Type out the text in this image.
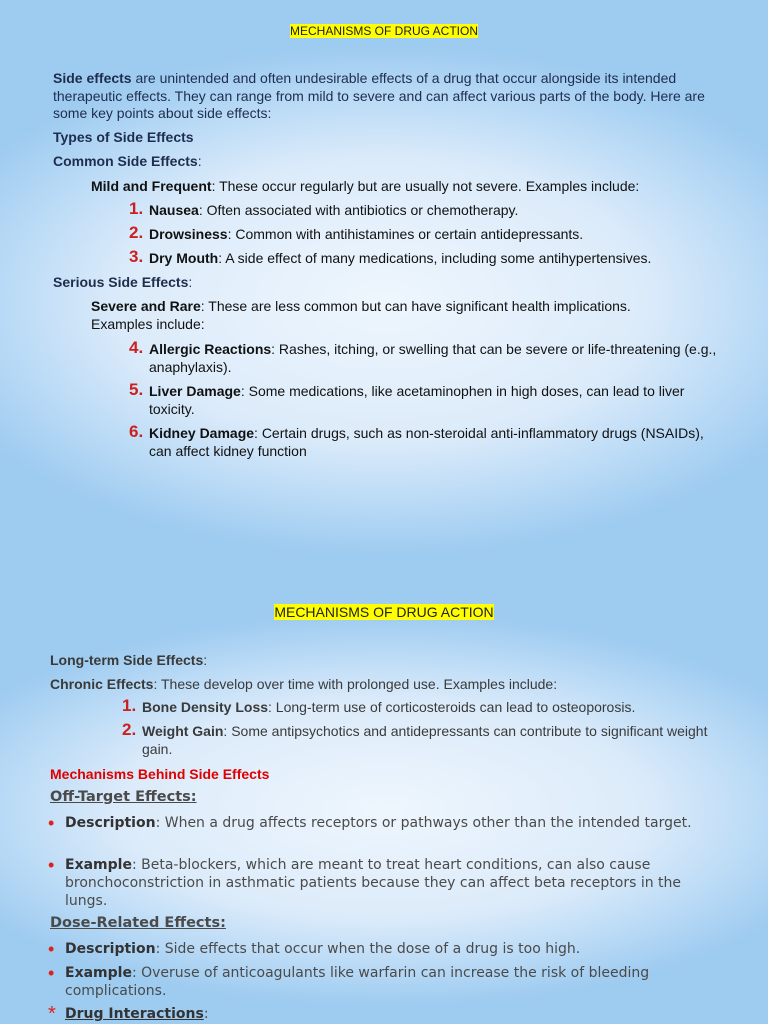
MECHANISMS OF DRUG ACTION
Side effects are unintended and often undesirable effects of a drug that occur alongside its intended therapeutic effects. They can range from mild to severe and can affect various parts of the body. Here are some key points about side effects:
Types of Side Effects
Common Side Effects:
Mild and Frequent: These occur regularly but are usually not severe. Examples include:
1. Nausea: Often associated with antibiotics or chemotherapy.
2. Drowsiness: Common with antihistamines or certain antidepressants.
3. Dry Mouth: A side effect of many medications, including some antihypertensives.
Serious Side Effects:
Severe and Rare: These are less common but can have significant health implications. Examples include:
4. Allergic Reactions: Rashes, itching, or swelling that can be severe or life-threatening (e.g., anaphylaxis).
5. Liver Damage: Some medications, like acetaminophen in high doses, can lead to liver toxicity.
6. Kidney Damage: Certain drugs, such as non-steroidal anti-inflammatory drugs (NSAIDs), can affect kidney function
MECHANISMS OF DRUG ACTION
Long-term Side Effects:
Chronic Effects: These develop over time with prolonged use. Examples include:
1. Bone Density Loss: Long-term use of corticosteroids can lead to osteoporosis.
2. Weight Gain: Some antipsychotics and antidepressants can contribute to significant weight gain.
Mechanisms Behind Side Effects
Off-Target Effects:
• Description: When a drug affects receptors or pathways other than the intended target.
• Example: Beta-blockers, which are meant to treat heart conditions, can also cause bronchoconstriction in asthmatic patients because they can affect beta receptors in the lungs.
Dose-Related Effects:
• Description: Side effects that occur when the dose of a drug is too high.
• Example: Overuse of anticoagulants like warfarin can increase the risk of bleeding complications.
* Drug Interactions:
